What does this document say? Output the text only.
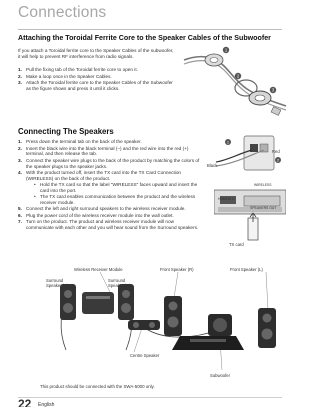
Connections
Attaching the Toroidal Ferrite Core to the Speaker Cables of the Subwoofer
If you attach a Toroidal ferrite core to the Speaker Cables of the subwoofer, it will help to prevent RF interference from radio signals.
1. Pull the fixing tab of the Toroidal ferrite core to open it.
2. Make a loop once in the Speaker Cables.
3. Attach the Toroidal ferrite core to the Speaker Cables of the Subwoofer as the figure shows and press it until it clicks.
1
2
3
Connecting The Speakers
1. Press down the terminal tab on the back of the speaker.
2. Insert the black wire into the black terminal (–) and the red wire into the red (+) terminal, and then release the tab.
3. Connect the speaker wire plugs to the back of the product by matching the colors of the speaker plugs to the speaker jacks.
4. With the product turned off, insert the TX card into the TX Card Connection (WIRELESS) on the back of the product.
• Hold the TX card so that the label "WIRELESS" faces upward and insert the card into the port.
• The TX card enables communication between the product and the wireless receiver module.
5. Connect the left and right surround speakers to the wireless receiver module.
6. Plug the power cord of the wireless receiver module into the wall outlet.
7. Turn on the product. The product and wireless receiver module will now communicate with each other and you will hear sound from the Surround speakers.
1
2
Black
Red
WIRELESS
HDMI IN 2
SPEAKERS OUT
TX card
Wireless Receiver Module	Front Speaker (R)	Front Speaker (L)
Surround Speaker (L)
Surround Speaker (R)
Centre Speaker
Subwoofer
This product should be connected with the SWA-5000 only.
22 English
